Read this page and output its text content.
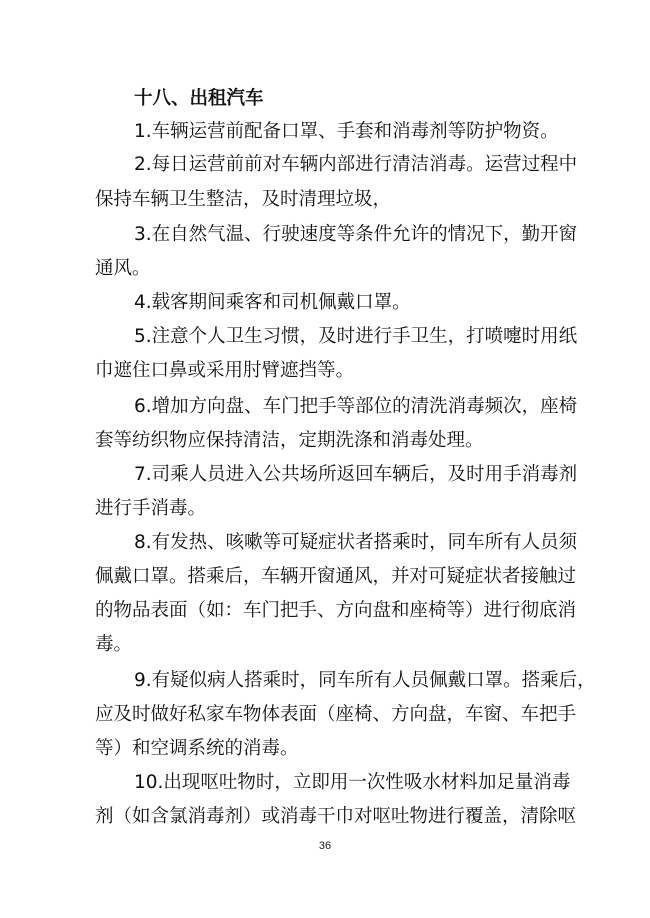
十八、出租汽车
1.车辆运营前配备口罩、手套和消毒剂等防护物资。
2.每日运营前前对车辆内部进行清洁消毒。运营过程中
保持车辆卫生整洁，及时清理垃圾，
3.在自然气温、行驶速度等条件允许的情况下，勤开窗
通风。
4.载客期间乘客和司机佩戴口罩。
5.注意个人卫生习惯，及时进行手卫生，打喷嚏时用纸
巾遮住口鼻或采用肘臂遮挡等。
6.增加方向盘、车门把手等部位的清洗消毒频次，座椅
套等纺织物应保持清洁，定期洗涤和消毒处理。
7.司乘人员进入公共场所返回车辆后，及时用手消毒剂
进行手消毒。
8.有发热、咳嗽等可疑症状者搭乘时，同车所有人员须
佩戴口罩。搭乘后，车辆开窗通风，并对可疑症状者接触过
的物品表面（如：车门把手、方向盘和座椅等）进行彻底消
毒。
9.有疑似病人搭乘时，同车所有人员佩戴口罩。搭乘后，
应及时做好私家车物体表面（座椅、方向盘，车窗、车把手
等）和空调系统的消毒。
10.出现呕吐物时，立即用一次性吸水材料加足量消毒
剂（如含氯消毒剂）或消毒干巾对呕吐物进行覆盖，清除呕
36
